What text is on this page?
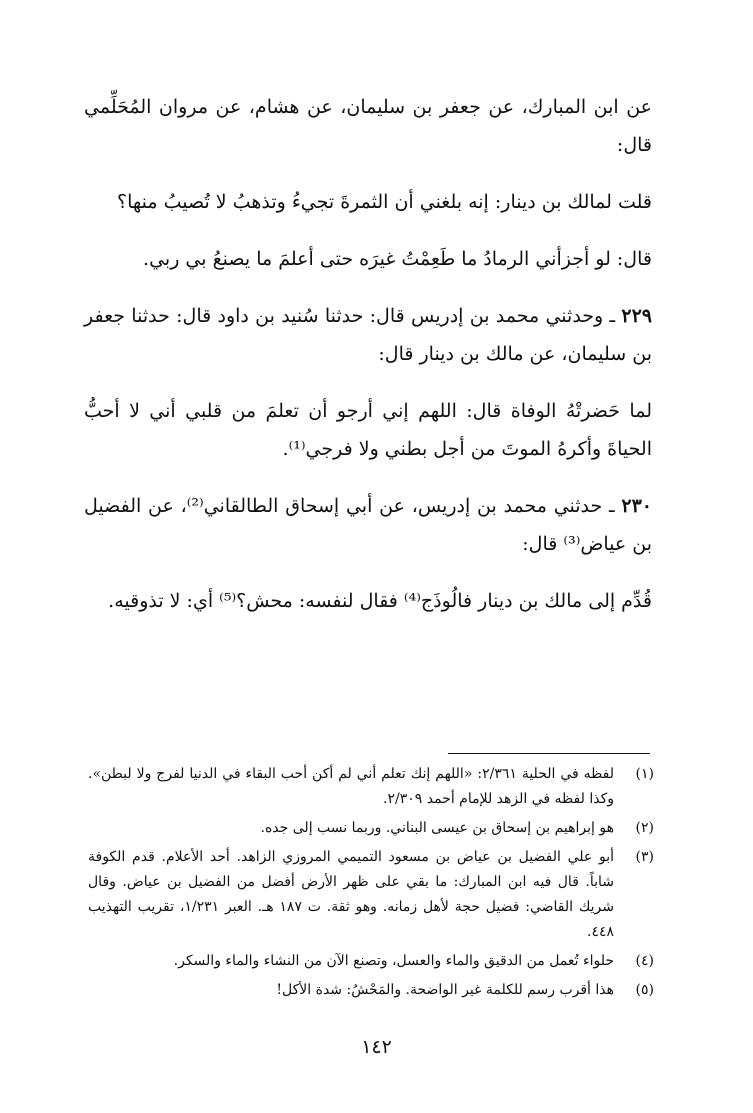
عن ابن المبارك، عن جعفر بن سليمان، عن هشام، عن مروان المُحَلِّمي قال:

قلت لمالك بن دينار: إنه بلغني أن الثمرةَ تجيءُ وتذهبُ لا تُصيبُ منها؟

قال: لو أجزأني الرمادُ ما طَعِمْتُ غيرَه حتى أعلمَ ما يصنعُ بي ربي.

٢٢٩ ـ وحدثني محمد بن إدريس قال: حدثنا سُنيد بن داود قال: حدثنا جعفر بن سليمان، عن مالك بن دينار قال:

لما حَضرتْهُ الوفاة قال: اللهم إني أرجو أن تعلمَ من قلبي أني لا أحبُّ الحياةَ وأكرهُ الموتَ من أجل بطني ولا فرجي⁽¹⁾.

٢٣٠ ـ حدثني محمد بن إدريس، عن أبي إسحاق الطالقاني⁽²⁾، عن الفضيل بن عياض⁽³⁾ قال:

قُدِّم إلى مالك بن دينار فالُوذَج⁽⁴⁾ فقال لنفسه: محش؟⁽⁵⁾ أي: لا تذوقيه.

(١)
لفظه في الحلية ٢/٣٦١: «اللهم إنك تعلم أني لم أكن أحب البقاء في الدنيا لفرج ولا لبطن». وكذا لفظه في الزهد للإمام أحمد ٢/٣٠٩.
(٢)
هو إبراهيم بن إسحاق بن عيسى البناني. وربما نسب إلى جده.
(٣)
أبو علي الفضيل بن عياض بن مسعود التميمي المروزي الزاهد. أحد الأعلام. قدم الكوفة شاباً. قال فيه ابن المبارك: ما بقي على ظهر الأرض أفضل من الفضيل بن عياض. وقال شريك القاضي: فضيل حجة لأهل زمانه. وهو ثقة. ت ١٨٧ هـ. العبر ١/٢٣١، تقريب التهذيب ٤٤٨.
(٤)
حلواء تُعمل من الدقيق والماء والعسل، وتصنع الآن من النشاء والماء والسكر.
(٥)
هذا أقرب رسم للكلمة غير الواضحة. والمَحْشُ: شدة الأكل!
١٤٢
